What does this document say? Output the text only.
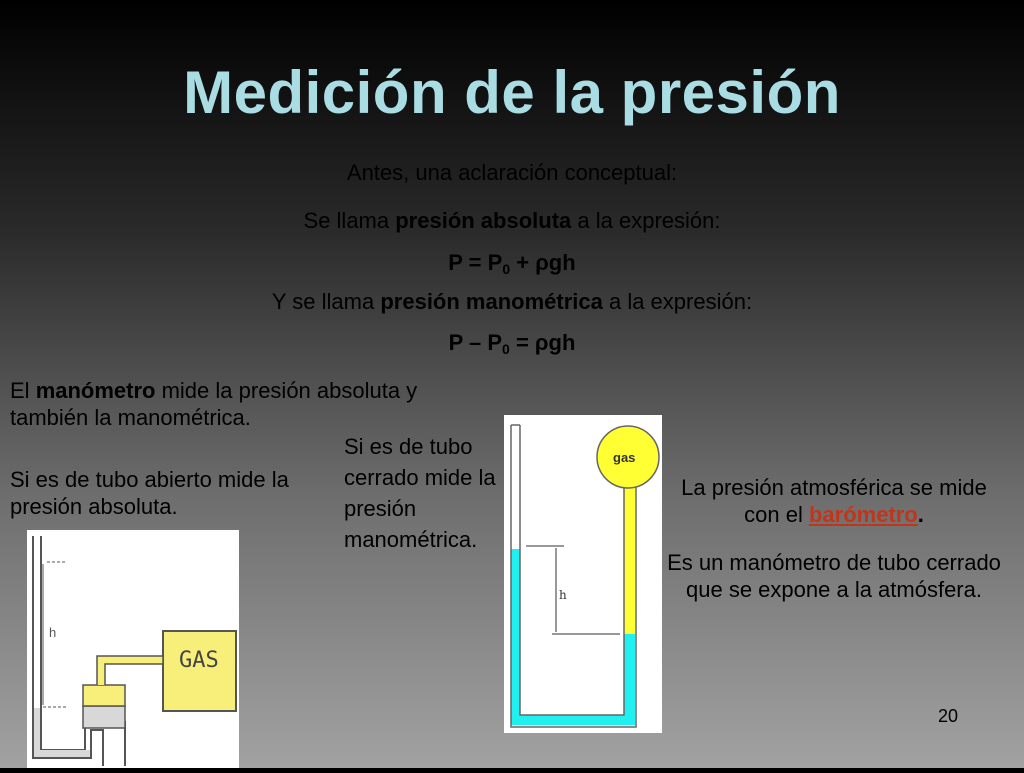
Medición de la presión
Antes, una aclaración conceptual:
Se llama presión absoluta a la expresión:
$P = P_0 + \rho gh$
Y se llama presión manométrica a la expresión:
$P - P_0 = \rho gh$
El manómetro mide la presión absoluta y también la manométrica.
Si es de tubo abierto mide la presión absoluta.
Si es de tubo cerrado mide la presión manométrica.
La presión atmosférica se mide con el barómetro.
Es un manómetro de tubo cerrado que se expone a la atmósfera.
h
GAS
gas
h
20
